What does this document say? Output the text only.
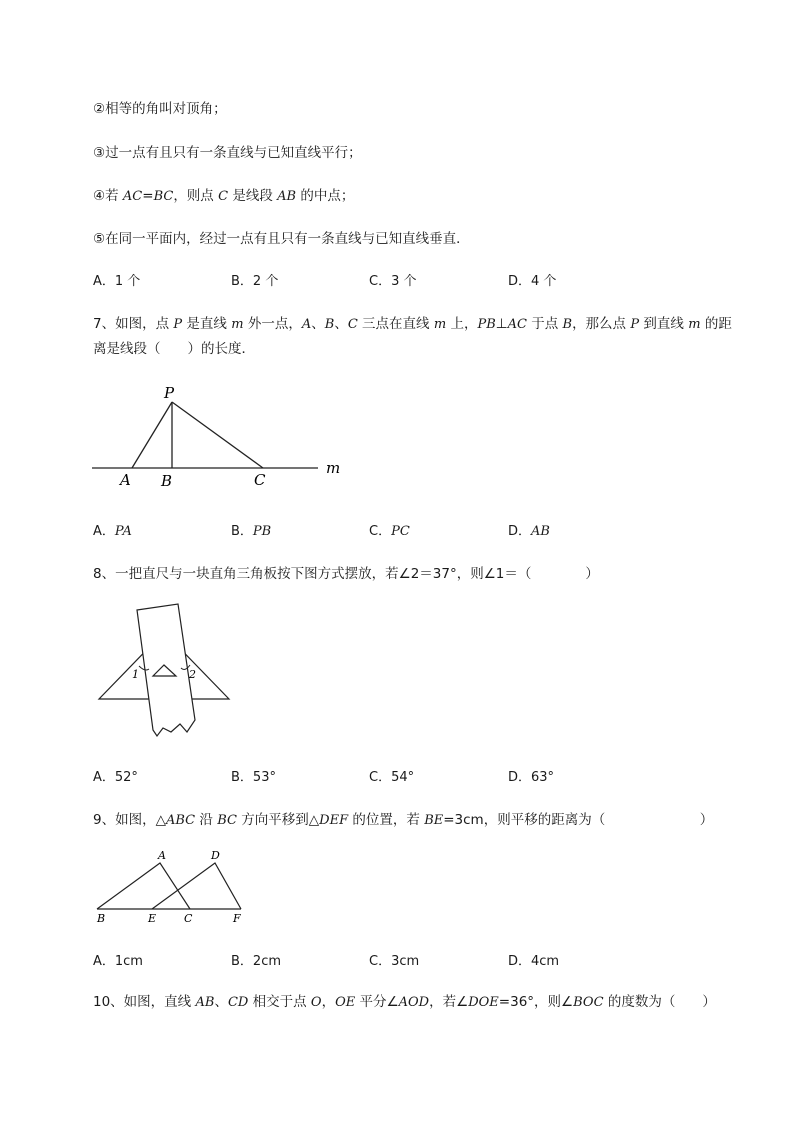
②相等的角叫对顶角；
③过一点有且只有一条直线与已知直线平行；
④若 AC=BC，则点 C 是线段 AB 的中点；
⑤在同一平面内，经过一点有且只有一条直线与已知直线垂直．
A．1 个	B．2 个	C．3 个	D．4 个
7、如图，点 P 是直线 m 外一点，A、B、C 三点在直线 m 上，PB⊥AC 于点 B，那么点 P 到直线 m 的距
离是线段（　　）的长度．
P
A B	C
m
A．PA	B．PB	C．PC	D．AB
8、一把直尺与一块直角三角板按下图方式摆放，若∠2＝37°，则∠1＝（　　　　）
1	2
A．52°	B．53°	C．54°	D．63°
9、如图，△ABC 沿 BC 方向平移到△DEF 的位置，若 BE=3cm，则平移的距离为（　　　　　　　）
A	D
B	E	C	F
A．1cm	B．2cm	C．3cm	D．4cm
10、如图，直线 AB、CD 相交于点 O，OE 平分∠AOD，若∠DOE=36°，则∠BOC 的度数为（　　）
